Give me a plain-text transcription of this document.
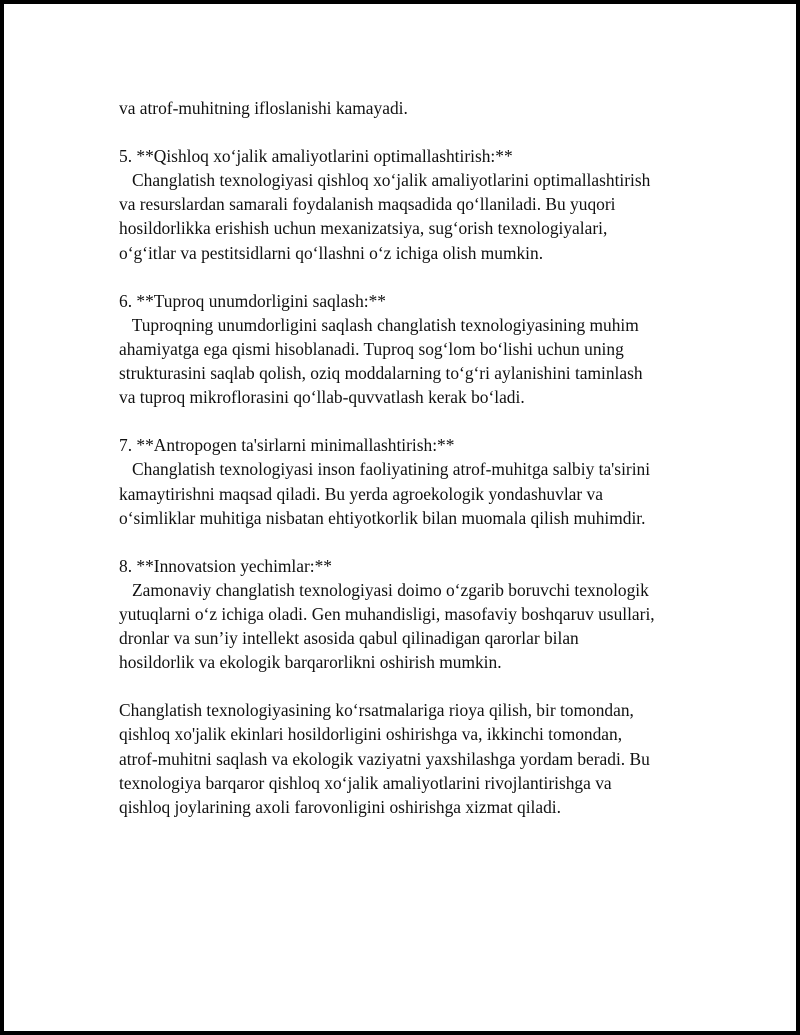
va atrof-muhitning ifloslanishi kamayadi.
5. **Qishloq xo‘jalik amaliyotlarini optimallashtirish:**
Changlatish texnologiyasi qishloq xo‘jalik amaliyotlarini optimallashtirish
va resurslardan samarali foydalanish maqsadida qo‘llaniladi. Bu yuqori
hosildorlikka erishish uchun mexanizatsiya, sug‘orish texnologiyalari,
o‘g‘itlar va pestitsidlarni qo‘llashni o‘z ichiga olish mumkin.
6. **Tuproq unumdorligini saqlash:**
Tuproqning unumdorligini saqlash changlatish texnologiyasining muhim
ahamiyatga ega qismi hisoblanadi. Tuproq sog‘lom bo‘lishi uchun uning
strukturasini saqlab qolish, oziq moddalarning to‘g‘ri aylanishini taminlash
va tuproq mikroflorasini qo‘llab-quvvatlash kerak bo‘ladi.
7. **Antropogen ta'sirlarni minimallashtirish:**
Changlatish texnologiyasi inson faoliyatining atrof-muhitga salbiy ta'sirini
kamaytirishni maqsad qiladi. Bu yerda agroekologik yondashuvlar va
o‘simliklar muhitiga nisbatan ehtiyotkorlik bilan muomala qilish muhimdir.
8. **Innovatsion yechimlar:**
Zamonaviy changlatish texnologiyasi doimo o‘zgarib boruvchi texnologik
yutuqlarni o‘z ichiga oladi. Gen muhandisligi, masofaviy boshqaruv usullari,
dronlar va sun’iy intellekt asosida qabul qilinadigan qarorlar bilan
hosildorlik va ekologik barqarorlikni oshirish mumkin.
Changlatish texnologiyasining ko‘rsatmalariga rioya qilish, bir tomondan,
qishloq xo'jalik ekinlari hosildorligini oshirishga va, ikkinchi tomondan,
atrof-muhitni saqlash va ekologik vaziyatni yaxshilashga yordam beradi. Bu
texnologiya barqaror qishloq xo‘jalik amaliyotlarini rivojlantirishga va
qishloq joylarining axoli farovonligini oshirishga xizmat qiladi.
